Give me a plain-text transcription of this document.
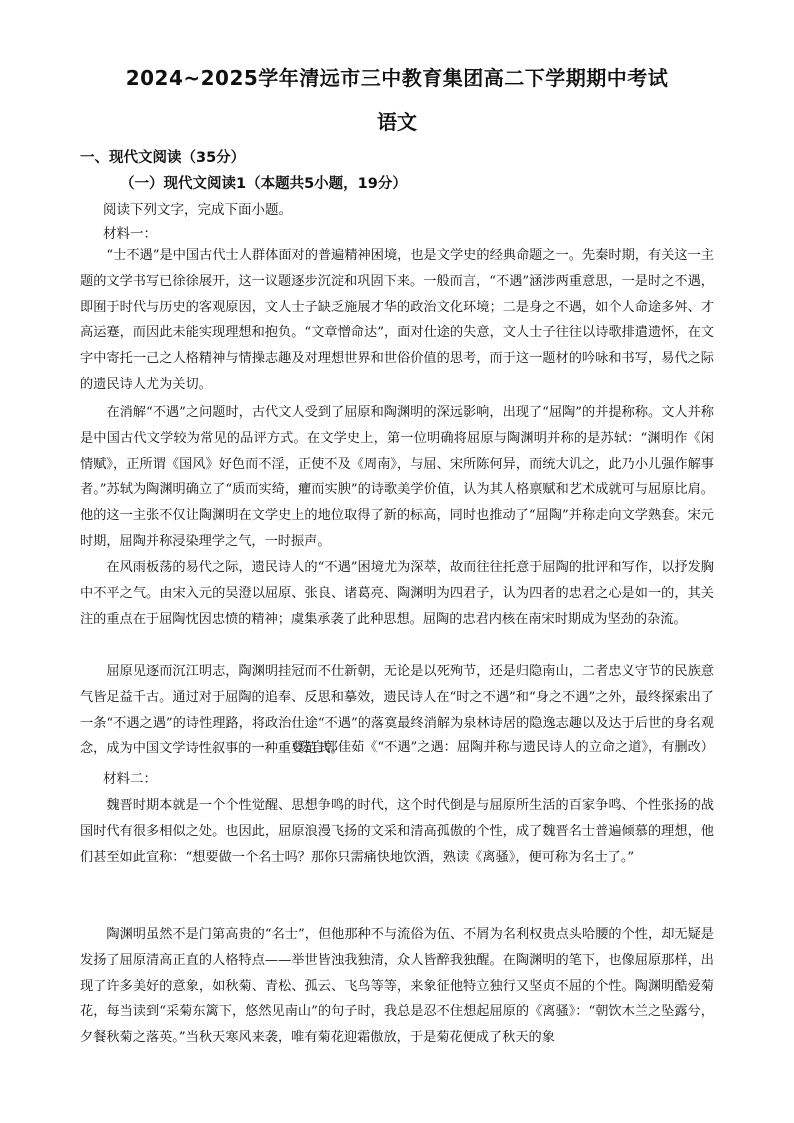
2024~2025学年清远市三中教育集团高二下学期期中考试
语文
一、现代文阅读（35分）
（一）现代文阅读1（本题共5小题，19分）
阅读下列文字，完成下面小题。
材料一：

“士不遇”是中国古代士人群体面对的普遍精神困境，也是文学史的经典命题之一。先秦时期，有关这一主题的文学书写已徐徐展开，这一议题逐步沉淀和巩固下来。一般而言，“不遇”涵涉两重意思，一是时之不遇，即囿于时代与历史的客观原因，文人士子缺乏施展才华的政治文化环境；二是身之不遇，如个人命途多舛、才高运蹇，而因此未能实现理想和抱负。“文章憎命达”，面对仕途的失意，文人士子往往以诗歌排遣遗怀，在文字中寄托一己之人格精神与情操志趣及对理想世界和世俗价值的思考，而于这一题材的吟咏和书写，易代之际的遗民诗人尤为关切。

在消解“不遇”之问题时，古代文人受到了屈原和陶渊明的深远影响，出现了“屈陶”的并提称称。文人并称是中国古代文学较为常见的品评方式。在文学史上，第一位明确将屈原与陶渊明并称的是苏轼：“渊明作《闲情赋》，正所谓《国风》好色而不淫，正使不及《周南》，与屈、宋所陈何异，而统大讥之，此乃小儿强作解事者。”苏轼为陶渊明确立了“质而实绮，癯而实腴”的诗歌美学价值，认为其人格禀赋和艺术成就可与屈原比肩。他的这一主张不仅让陶渊明在文学史上的地位取得了新的标高，同时也推动了“屈陶”并称走向文学熟套。宋元时期，屈陶并称浸染理学之气，一时振声。

在风雨板荡的易代之际，遗民诗人的“不遇”困境尤为深萃，故而往往托意于屈陶的批评和写作，以抒发胸中不平之气。由宋入元的吴澄以屈原、张良、诸葛亮、陶渊明为四君子，认为四者的忠君之心是如一的，其关注的重点在于屈陶忱因忠愤的精神；虞集承袭了此种思想。屈陶的忠君内核在南宋时期成为坚劲的杂流。

屈原见逐而沉江明志，陶渊明挂冠而不仕新朝，无论是以死殉节，还是归隐南山，二者忠义守节的民族意气皆足益千古。通过对于屈陶的追奉、反思和摹效，遗民诗人在“时之不遇”和“身之不遇”之外，最终探索出了一条“不遇之遇”的诗性理路，将政治仕途“不遇”的落寞最终消解为泉林诗居的隐逸志趣以及达于后世的身名观念，成为中国文学诗性叙事的一种重要范式。

（选自郭佳茹《“不遇”之遇：屈陶并称与遗民诗人的立命之道》，有删改）
材料二：

魏晋时期本就是一个个性觉醒、思想争鸣的时代，这个时代倒是与屈原所生活的百家争鸣、个性张扬的战国时代有很多相似之处。也因此，屈原浪漫飞扬的文采和清高孤傲的个性，成了魏晋名士普遍倾慕的理想，他们甚至如此宣称：“想要做一个名士吗？那你只需痛快地饮酒，熟读《离骚》，便可称为名士了。”

陶渊明虽然不是门第高贵的“名士”，但他那种不与流俗为伍、不屑为名利权贵点头哈腰的个性，却无疑是发扬了屈原清高正直的人格特点——举世皆浊我独清，众人皆醉我独醒。在陶渊明的笔下，也像屈原那样，出现了许多美好的意象，如秋菊、青松、孤云、飞鸟等等，来象征他特立独行又坚贞不屈的个性。陶渊明酷爱菊花，每当读到“采菊东篱下，悠然见南山”的句子时，我总是忍不住想起屈原的《离骚》：“朝饮木兰之坠露兮，夕餐秋菊之落英。”当秋天寒风来袭，唯有菊花迎霜傲放，于是菊花便成了秋天的象
